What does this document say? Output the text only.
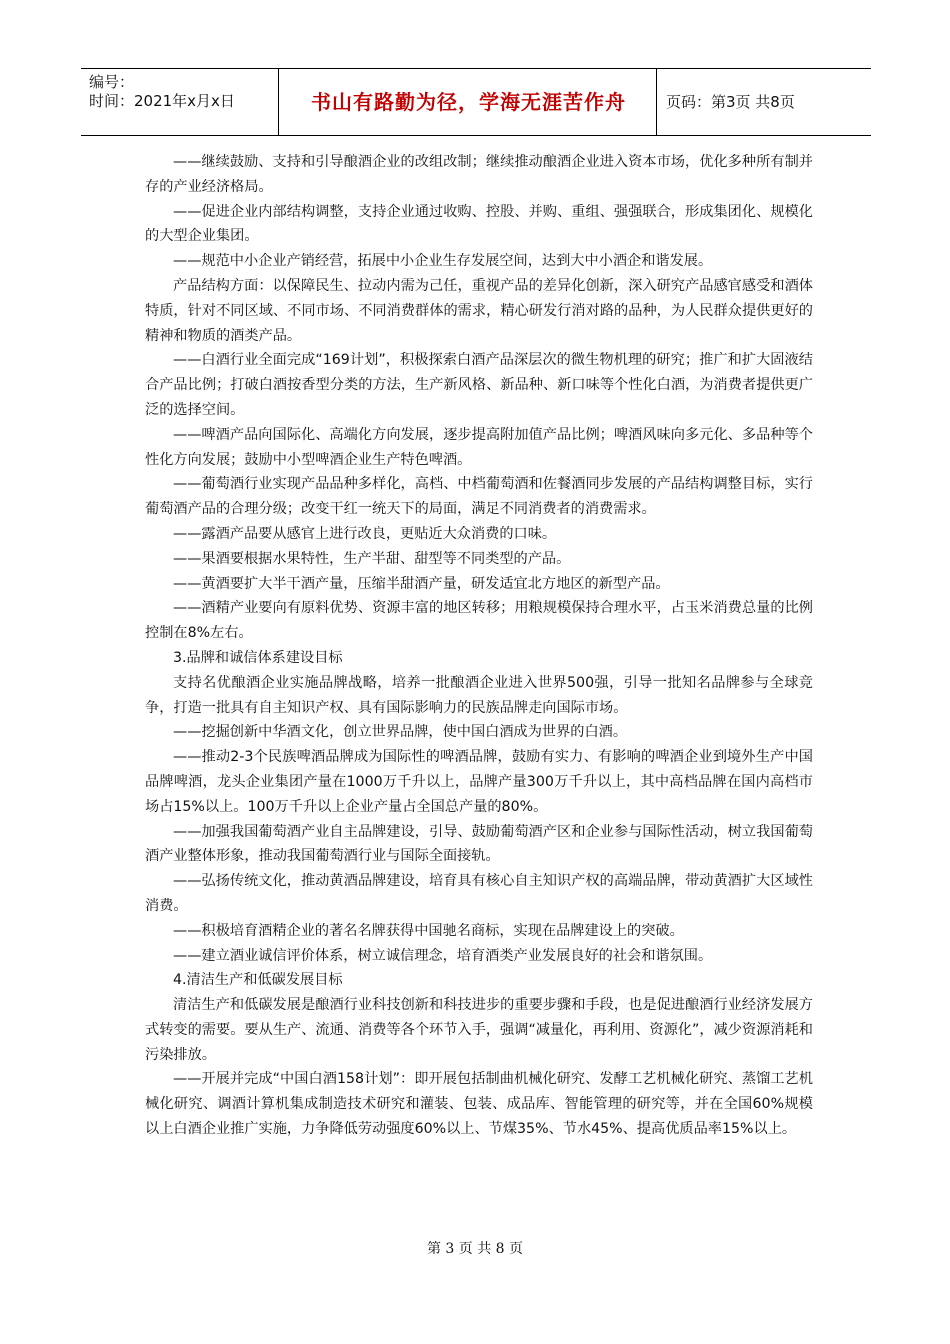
编号：
时间：2021年x月x日	书山有路勤为径，学海无涯苦作舟	页码：第3页 共8页

——继续鼓励、支持和引导酿酒企业的改组改制；继续推动酿酒企业进入资本市场，优化多种所有制并存的产业经济格局。

——促进企业内部结构调整，支持企业通过收购、控股、并购、重组、强强联合，形成集团化、规模化的大型企业集团。

——规范中小企业产销经营，拓展中小企业生存发展空间，达到大中小酒企和谐发展。

产品结构方面：以保障民生、拉动内需为己任，重视产品的差异化创新，深入研究产品感官感受和酒体特质，针对不同区域、不同市场、不同消费群体的需求，精心研发行消对路的品种，为人民群众提供更好的精神和物质的酒类产品。

——白酒行业全面完成“169计划”，积极探索白酒产品深层次的微生物机理的研究；推广和扩大固液结合产品比例；打破白酒按香型分类的方法，生产新风格、新品种、新口味等个性化白酒，为消费者提供更广泛的选择空间。

——啤酒产品向国际化、高端化方向发展，逐步提高附加值产品比例；啤酒风味向多元化、多品种等个性化方向发展；鼓励中小型啤酒企业生产特色啤酒。

——葡萄酒行业实现产品品种多样化，高档、中档葡萄酒和佐餐酒同步发展的产品结构调整目标，实行葡萄酒产品的合理分级；改变干红一统天下的局面，满足不同消费者的消费需求。

——露酒产品要从感官上进行改良，更贴近大众消费的口味。

——果酒要根据水果特性，生产半甜、甜型等不同类型的产品。

——黄酒要扩大半干酒产量，压缩半甜酒产量，研发适宜北方地区的新型产品。

——酒精产业要向有原料优势、资源丰富的地区转移；用粮规模保持合理水平，占玉米消费总量的比例控制在8%左右。

3.品牌和诚信体系建设目标

支持名优酿酒企业实施品牌战略，培养一批酿酒企业进入世界500强，引导一批知名品牌参与全球竞争，打造一批具有自主知识产权、具有国际影响力的民族品牌走向国际市场。

——挖掘创新中华酒文化，创立世界品牌，使中国白酒成为世界的白酒。

——推动2-3个民族啤酒品牌成为国际性的啤酒品牌，鼓励有实力、有影响的啤酒企业到境外生产中国品牌啤酒，龙头企业集团产量在1000万千升以上，品牌产量300万千升以上，其中高档品牌在国内高档市场占15%以上。100万千升以上企业产量占全国总产量的80%。

——加强我国葡萄酒产业自主品牌建设，引导、鼓励葡萄酒产区和企业参与国际性活动，树立我国葡萄酒产业整体形象，推动我国葡萄酒行业与国际全面接轨。

——弘扬传统文化，推动黄酒品牌建设，培育具有核心自主知识产权的高端品牌，带动黄酒扩大区域性消费。

——积极培育酒精企业的著名名牌获得中国驰名商标，实现在品牌建设上的突破。

——建立酒业诚信评价体系，树立诚信理念，培育酒类产业发展良好的社会和谐氛围。

4.清洁生产和低碳发展目标

清洁生产和低碳发展是酿酒行业科技创新和科技进步的重要步骤和手段，也是促进酿酒行业经济发展方式转变的需要。要从生产、流通、消费等各个环节入手，强调“减量化，再利用、资源化”，减少资源消耗和污染排放。

——开展并完成“中国白酒158计划”：即开展包括制曲机械化研究、发酵工艺机械化研究、蒸馏工艺机械化研究、调酒计算机集成制造技术研究和灌装、包装、成品库、智能管理的研究等，并在全国60%规模以上白酒企业推广实施，力争降低劳动强度60%以上、节煤35%、节水45%、提高优质品率15%以上。

第 3 页 共 8 页
